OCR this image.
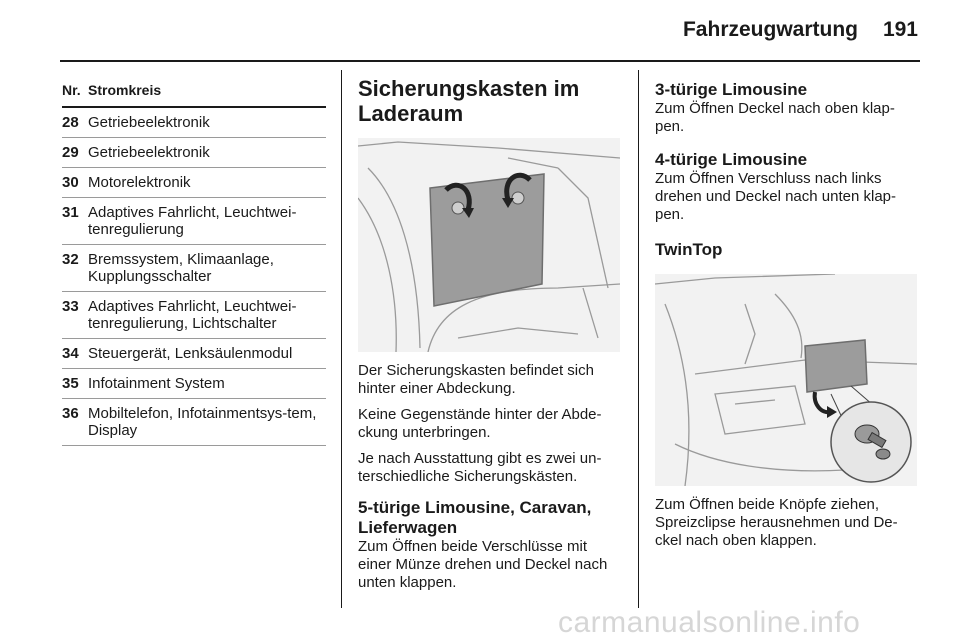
Fahrzeugwartung 191
Nr. Stromkreis
28 Getriebeelektronik
29 Getriebeelektronik
30 Motorelektronik
31 Adaptives Fahrlicht, Leuchtwei-tenregulierung
32 Bremssystem, Klimaanlage, Kupplungsschalter
33 Adaptives Fahrlicht, Leuchtwei-tenregulierung, Lichtschalter
34 Steuergerät, Lenksäulenmodul
35 Infotainment System
36 Mobiltelefon, Infotainmentsys-tem, Display
Sicherungskasten im Laderaum

Der Sicherungskasten befindet sich hinter einer Abdeckung.

Keine Gegenstände hinter der Abde-ckung unterbringen.

Je nach Ausstattung gibt es zwei un-terschiedliche Sicherungskästen.

5-türige Limousine, Caravan, Lieferwagen

Zum Öffnen beide Verschlüsse mit einer Münze drehen und Deckel nach unten klappen.

3-türige Limousine

Zum Öffnen Deckel nach oben klap-pen.

4-türige Limousine

Zum Öffnen Verschluss nach links drehen und Deckel nach unten klap-pen.

TwinTop

Zum Öffnen beide Knöpfe ziehen, Spreizclipse herausnehmen und De-ckel nach oben klappen.

carmanualsonline.info
